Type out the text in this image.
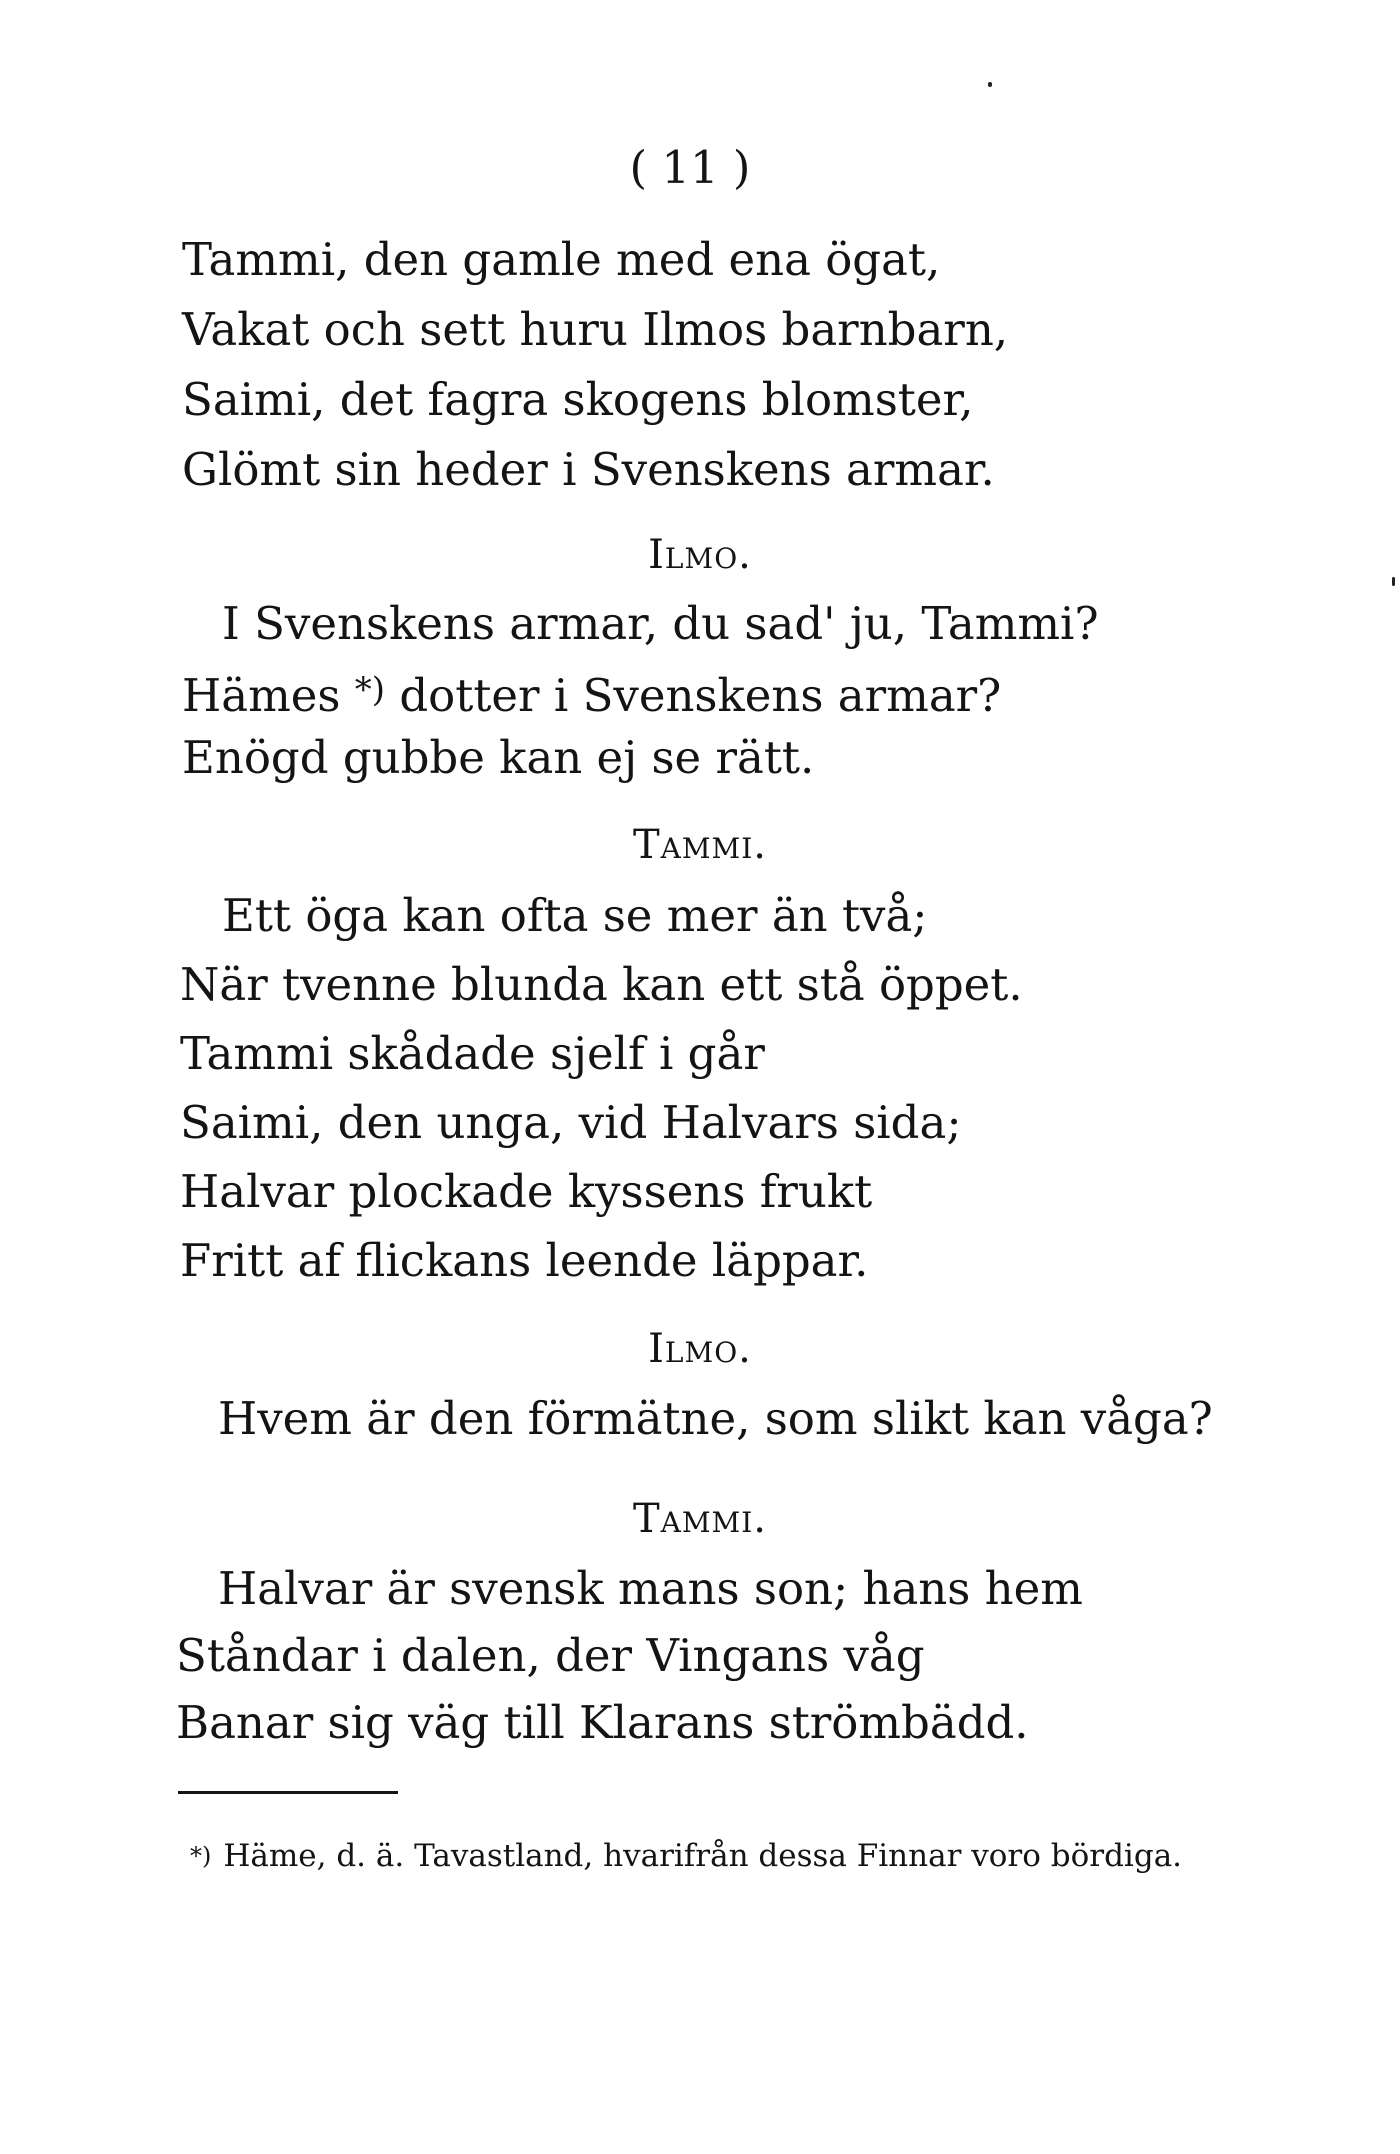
( 11 )
Tammi, den gamle med ena ögat,
Vakat och sett huru Ilmos barnbarn,
Saimi, det fagra skogens blomster,
Glömt sin heder i Svenskens armar.
Ilmo.
I Svenskens armar, du sad' ju, Tammi?
Hämes *) dotter i Svenskens armar?
Enögd gubbe kan ej se rätt.
Tammi.
Ett öga kan ofta se mer än två;
När tvenne blunda kan ett stå öppet.
Tammi skådade sjelf i går
Saimi, den unga, vid Halvars sida;
Halvar plockade kyssens frukt
Fritt af flickans leende läppar.
Ilmo.
Hvem är den förmätne, som slikt kan våga?
Tammi.
Halvar är svensk mans son; hans hem
Ståndar i dalen, der Vingans våg
Banar sig väg till Klarans strömbädd.
*) Häme, d. ä. Tavastland, hvarifrån dessa Finnar voro bördiga.
